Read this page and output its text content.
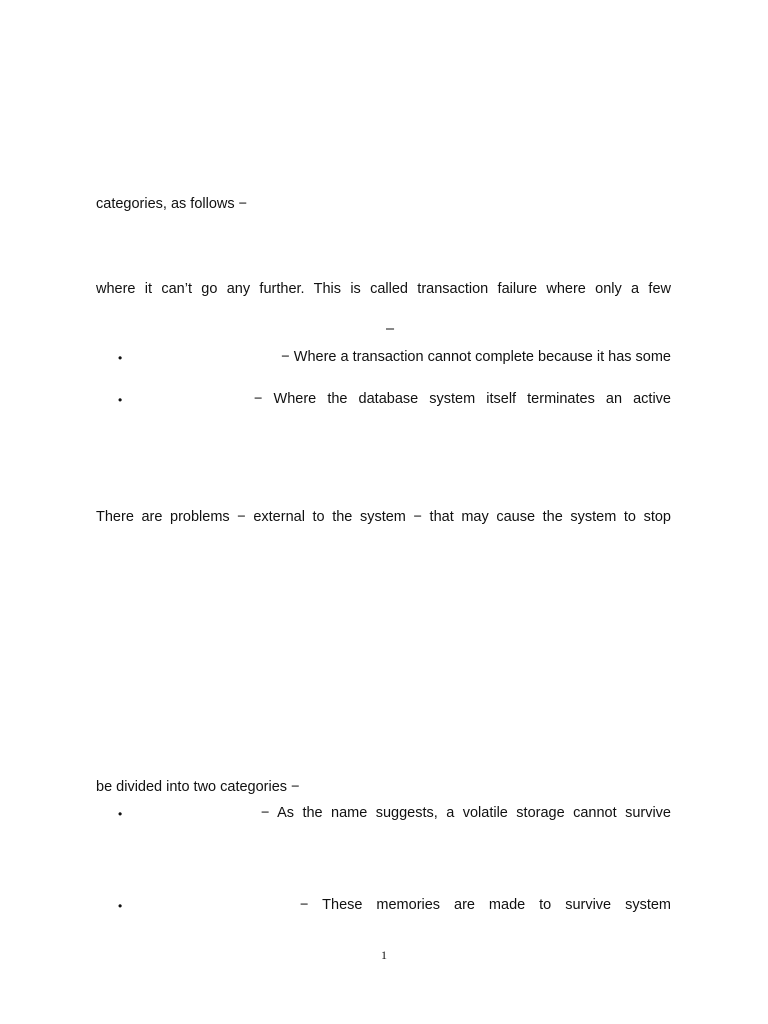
categories, as follows −
where it can’t go any further. This is called transaction failure where only a few
–
•	− Where a transaction cannot complete because it has some
•	− Where the database system itself terminates an active
There are problems − external to the system − that may cause the system to stop
be divided into two categories −
•	− As the name suggests, a volatile storage cannot survive
•	− These memories are made to survive system
1
